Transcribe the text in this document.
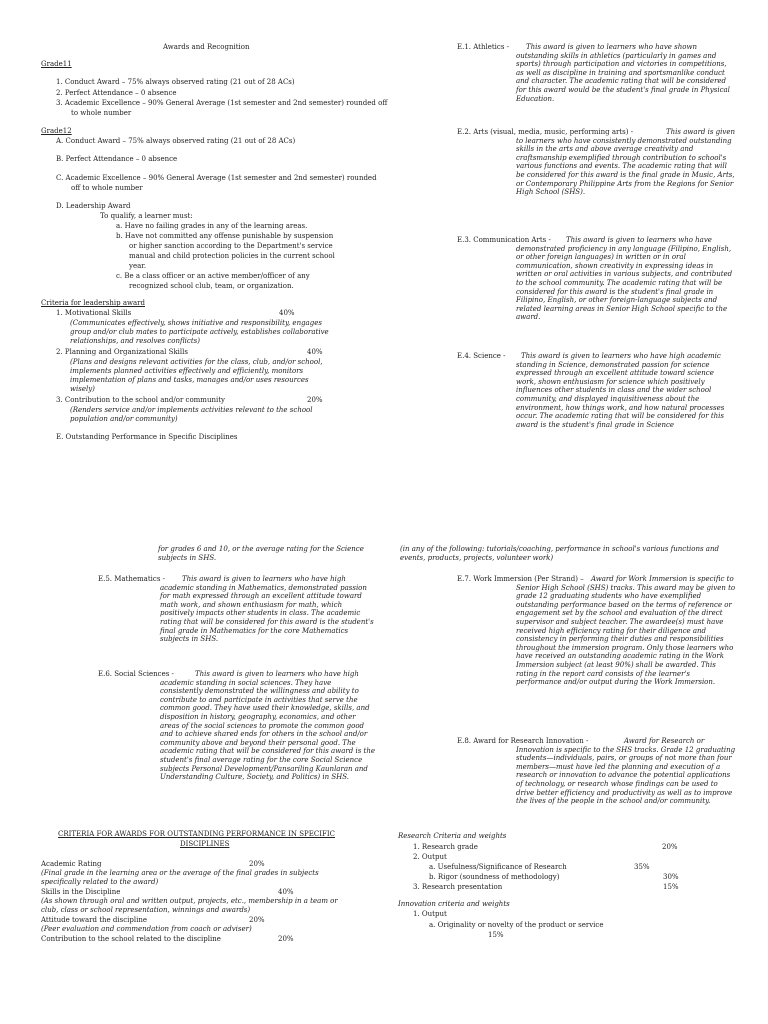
Awards and Recognition
Grade11
1. Conduct Award – 75% always observed rating (21 out of 28 ACs)
2. Perfect Attendance – 0 absence
3. Academic Excellence – 90% General Average (1st semester and 2nd semester) rounded off
to whole number
Grade12
A. Conduct Award – 75% always observed rating (21 out of 28 ACs)
B. Perfect Attendance – 0 absence
C. Academic Excellence – 90% General Average (1st semester and 2nd semester) rounded
off to whole number
D. Leadership Award
To qualify, a learner must:
a. Have no failing grades in any of the learning areas.
b. Have not committed any offense punishable by suspension
or higher sanction according to the Department's service
manual and child protection policies in the current school
year.
c. Be a class officer or an active member/officer of any
recognized school club, team, or organization.
Criteria for leadership award
1. Motivational Skills	40%
(Communicates effectively, shows initiative and responsibility, engages
group and/or club mates to participate actively, establishes collaborative
relationships, and resolves conflicts)
2. Planning and Organizational Skills	40%
(Plans and designs relevant activities for the class, club, and/or school,
implements planned activities effectively and efficiently, monitors
implementation of plans and tasks, manages and/or uses resources
wisely)
3. Contribution to the school and/or community	20%
(Renders service and/or implements activities relevant to the school
population and/or community)
E. Outstanding Performance in Specific Disciplines
E.1. Athletics -	This award is given to learners who have shown outstanding skills in athletics (particularly in games and sports) through participation and victories in competitions, as well as discipline in training and sportsmanlike conduct and character. The academic rating that will be considered for this award would be the student's final grade in Physical Education.
E.2. Arts (visual, media, music, performing arts) -	This award is given to learners who have consistently demonstrated outstanding skills in the arts and above average creativity and craftsmanship exemplified through contribution to school's various functions and events. The academic rating that will be considered for this award is the final grade in Music, Arts, or Contemporary Philippine Arts from the Regions for Senior High School (SHS).
E.3. Communication Arts -	This award is given to learners who have demonstrated proficiency in any language (Filipino, English, or other foreign languages) in written or in oral communication, shown creativity in expressing ideas in written or oral activities in various subjects, and contributed to the school community. The academic rating that will be considered for this award is the student's final grade in Filipino, English, or other foreign-language subjects and related learning areas in Senior High School specific to the award.
E.4. Science -	This award is given to learners who have high academic standing in Science, demonstrated passion for science expressed through an excellent attitude toward science work, shown enthusiasm for science which positively influences other students in class and the wider school community, and displayed inquisitiveness about the environment, how things work, and how natural processes occur. The academic rating that will be considered for this award is the student's final grade in Science
for grades 6 and 10, or the average rating for the Science subjects in SHS.
(in any of the following: tutorials/coaching, performance in school's various functions and events, products, projects, volunteer work)
E.5. Mathematics -	This award is given to learners who have high academic standing in Mathematics, demonstrated passion for math expressed through an excellent attitude toward math work, and shown enthusiasm for math, which positively impacts other students in class. The academic rating that will be considered for this award is the student's final grade in Mathematics for the core Mathematics subjects in SHS.
E.6. Social Sciences -	This award is given to learners who have high academic standing in social sciences. They have consistently demonstrated the willingness and ability to contribute to and participate in activities that serve the common good. They have used their knowledge, skills, and disposition in history, geography, economics, and other areas of the social sciences to promote the common good and to achieve shared ends for others in the school and/or community above and beyond their personal good. The academic rating that will be considered for this award is the student's final average rating for the core Social Science subjects Personal Development/Pansariling Kaunlaran and Understanding Culture, Society, and Politics) in SHS.
E.7. Work Immersion (Per Strand) –	Award for Work Immersion is specific to Senior High School (SHS) tracks. This award may be given to grade 12 graduating students who have exemplified outstanding performance based on the terms of reference or engagement set by the school and evaluation of the direct supervisor and subject teacher. The awardee(s) must have received high efficiency rating for their diligence and consistency in performing their duties and responsibilities throughout the immersion program. Only those learners who have received an outstanding academic rating in the Work Immersion subject (at least 90%) shall be awarded. This rating in the report card consists of the learner's performance and/or output during the Work Immersion.
E.8. Award for Research Innovation -	Award for Research or Innovation is specific to the SHS tracks. Grade 12 graduating students—individuals, pairs, or groups of not more than four members—must have led the planning and execution of a research or innovation to advance the potential applications of technology, or research whose findings can be used to drive better efficiency and productivity as well as to improve the lives of the people in the school and/or community.
CRITERIA FOR AWARDS FOR OUTSTANDING PERFORMANCE IN SPECIFIC
DISCIPLINES
Academic Rating	20%
(Final grade in the learning area or the average of the final grades in subjects
specifically related to the award)
Skills in the Discipline	40%
(As shown through oral and written output, projects, etc., membership in a team or
club, class or school representation, winnings and awards)
Attitude toward the discipline	20%
(Peer evaluation and commendation from coach or adviser)
Contribution to the school related to the discipline	20%
Research Criteria and weights
1. Research grade	20%
2. Output
a. Usefulness/Significance of Research	35%
b. Rigor (soundness of methodology)	30%
3. Research presentation	15%
Innovation criteria and weights
1. Output
a. Originality or novelty of the product or service
15%
